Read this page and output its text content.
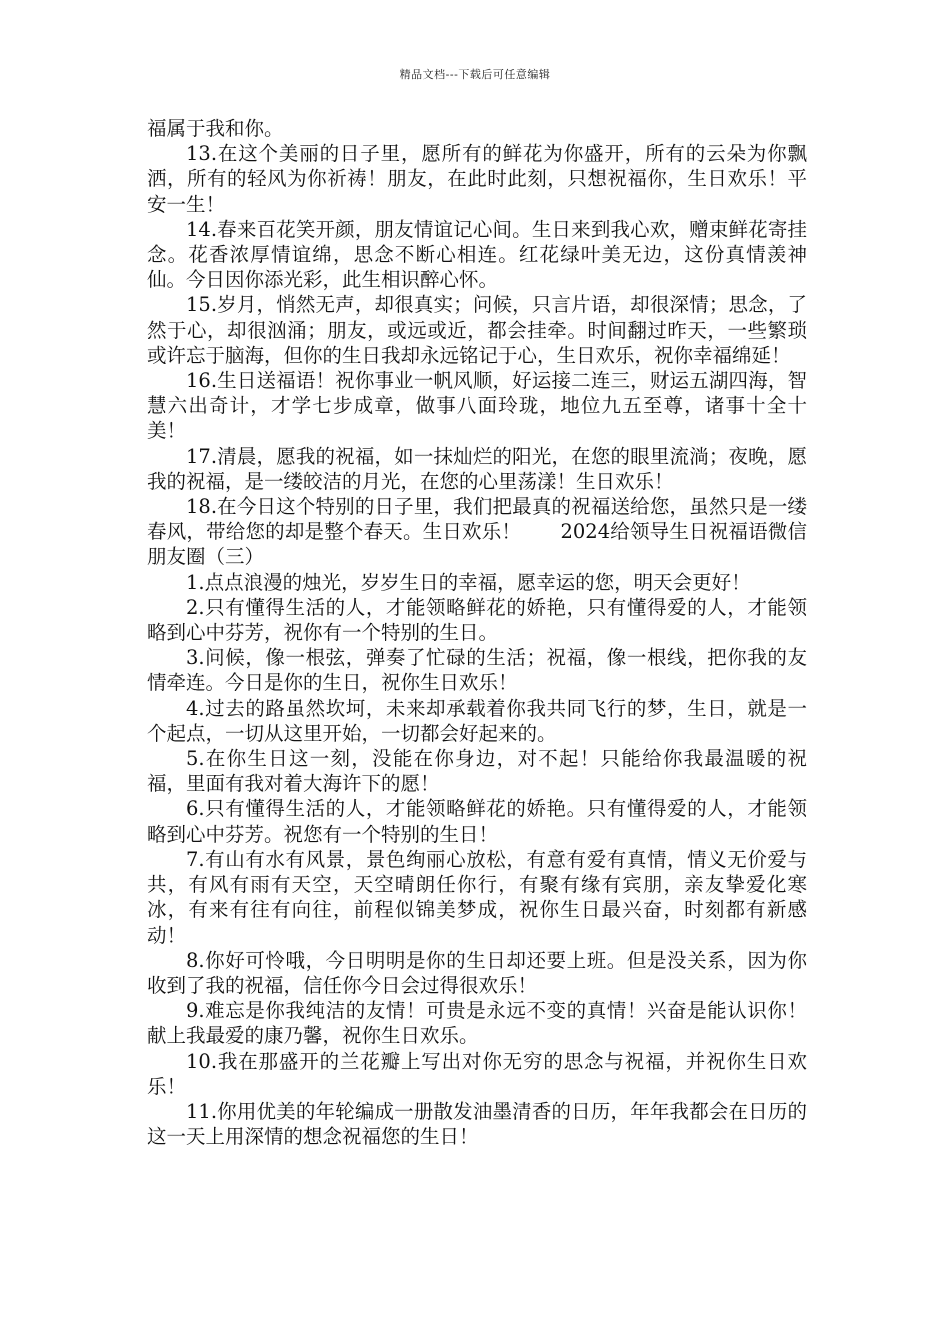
精品文档---下载后可任意编辑

福属于我和你。

13.在这个美丽的日子里，愿所有的鲜花为你盛开，所有的云朵为你飘洒，所有的轻风为你祈祷！朋友，在此时此刻，只想祝福你，生日欢乐！平安一生！

14.春来百花笑开颜，朋友情谊记心间。生日来到我心欢，赠束鲜花寄挂念。花香浓厚情谊绵，思念不断心相连。红花绿叶美无边，这份真情羡神仙。今日因你添光彩，此生相识醉心怀。

15.岁月，悄然无声，却很真实；问候，只言片语，却很深情；思念，了然于心，却很汹涌；朋友，或远或近，都会挂牵。时间翻过昨天，一些繁琐或许忘于脑海，但你的生日我却永远铭记于心，生日欢乐，祝你幸福绵延！

16.生日送福语！祝你事业一帆风顺，好运接二连三，财运五湖四海，智慧六出奇计，才学七步成章，做事八面玲珑，地位九五至尊，诸事十全十美！

17.清晨，愿我的祝福，如一抹灿烂的阳光，在您的眼里流淌；夜晚，愿我的祝福，是一缕皎洁的月光，在您的心里荡漾！生日欢乐！

18.在今日这个特别的日子里，我们把最真的祝福送给您，虽然只是一缕春风，带给您的却是整个春天。生日欢乐！　　2024给领导生日祝福语微信朋友圈（三）

1.点点浪漫的烛光，岁岁生日的幸福，愿幸运的您，明天会更好！

2.只有懂得生活的人，才能领略鲜花的娇艳，只有懂得爱的人，才能领略到心中芬芳，祝你有一个特别的生日。

3.问候，像一根弦，弹奏了忙碌的生活；祝福，像一根线，把你我的友情牵连。今日是你的生日，祝你生日欢乐！

4.过去的路虽然坎坷，未来却承载着你我共同飞行的梦，生日，就是一个起点，一切从这里开始，一切都会好起来的。

5.在你生日这一刻，没能在你身边，对不起！只能给你我最温暖的祝福，里面有我对着大海许下的愿！

6.只有懂得生活的人，才能领略鲜花的娇艳。只有懂得爱的人，才能领略到心中芬芳。祝您有一个特别的生日！

7.有山有水有风景，景色绚丽心放松，有意有爱有真情，情义无价爱与共，有风有雨有天空，天空晴朗任你行，有聚有缘有宾朋，亲友挚爱化寒冰，有来有往有向往，前程似锦美梦成，祝你生日最兴奋，时刻都有新感动！

8.你好可怜哦，今日明明是你的生日却还要上班。但是没关系，因为你收到了我的祝福，信任你今日会过得很欢乐！

9.难忘是你我纯洁的友情！可贵是永远不变的真情！兴奋是能认识你！献上我最爱的康乃馨，祝你生日欢乐。

10.我在那盛开的兰花瓣上写出对你无穷的思念与祝福，并祝你生日欢乐！

11.你用优美的年轮编成一册散发油墨清香的日历，年年我都会在日历的这一天上用深情的想念祝福您的生日！
